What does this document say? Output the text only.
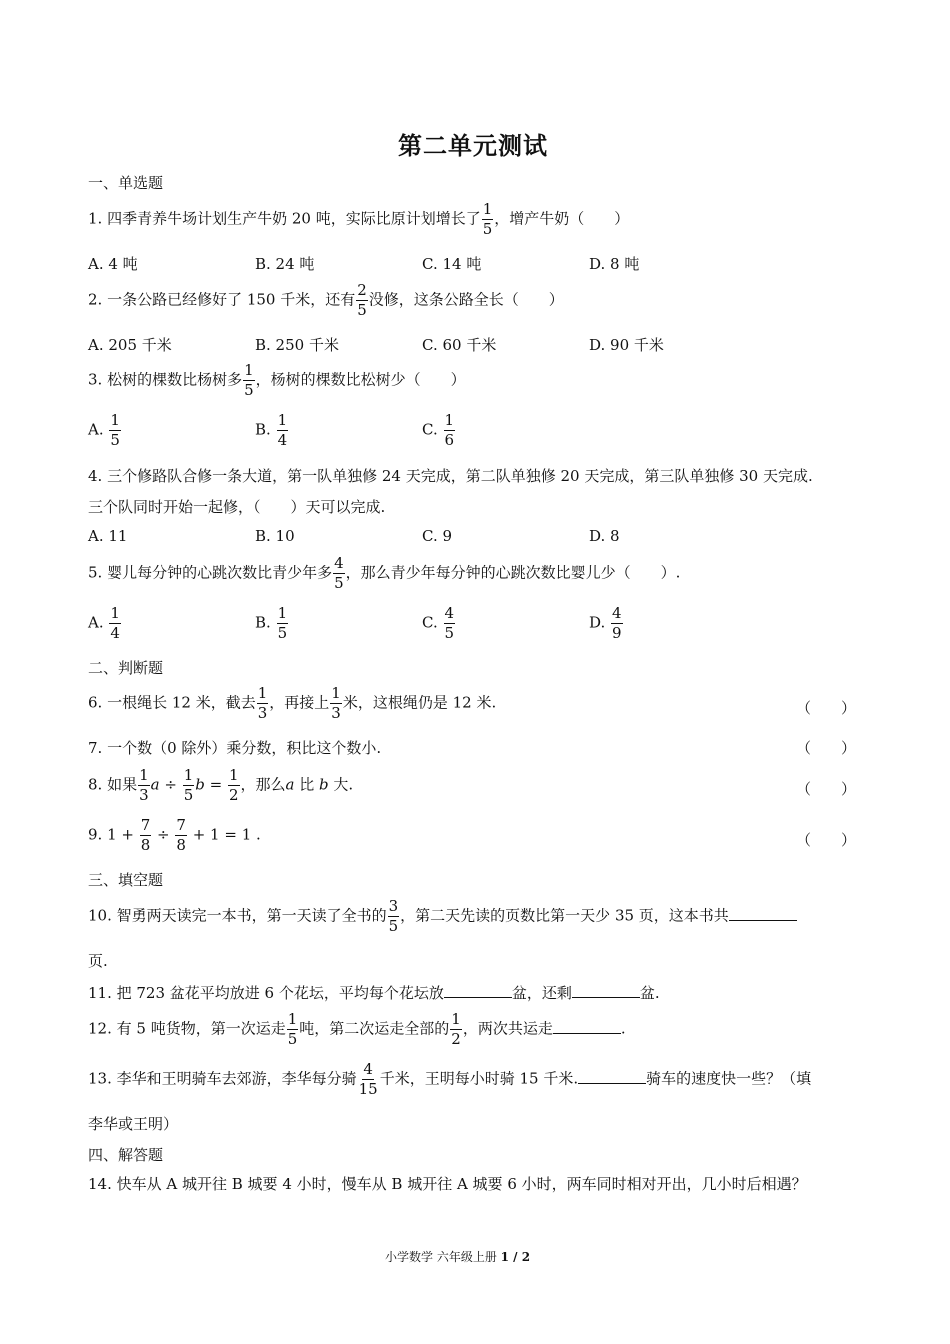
第二单元测试
一、单选题
1. 四季青养牛场计划生产牛奶 20 吨，实际比原计划增长了 $\frac{1}{5}$ ，增产牛奶（　　）
A. 4 吨	B. 24 吨	C. 14 吨	D. 8 吨
2. 一条公路已经修好了 150 千米，还有 $\frac{2}{5}$ 没修，这条公路全长（　　）
A. 205 千米	B. 250 千米	C. 60 千米	D. 90 千米
3. 松树的棵数比杨树多 $\frac{1}{5}$ ，杨树的棵数比松树少（　　）
A. $\frac{1}{5}$	B. $\frac{1}{4}$	C. $\frac{1}{6}$
4. 三个修路队合修一条大道，第一队单独修 24 天完成，第二队单独修 20 天完成，第三队单独修 30 天完成.
三个队同时开始一起修，（　　）天可以完成.
A. 11	B. 10	C. 9	D. 8
5. 婴儿每分钟的心跳次数比青少年多 $\frac{4}{5}$ ，那么青少年每分钟的心跳次数比婴儿少（　　）.
A. $\frac{1}{4}$	B. $\frac{1}{5}$	C. $\frac{4}{5}$	D. $\frac{4}{9}$
二、判断题
6. 一根绳长 12 米，截去 $\frac{1}{3}$ ，再接上 $\frac{1}{3}$ 米，这根绳仍是 12 米.	（　　）
7. 一个数（0 除外）乘分数，积比这个数小.	（　　）
8. 如果 $\frac{1}{3}$ $a \div \frac{1}{5}$ $b = \frac{1}{2}$ ，那么a 比 b 大.	（　　）
9. $1 + \frac{7}{8} \div \frac{7}{8} + 1 = 1$ .	（　　）
三、填空题
10. 智勇两天读完一本书，第一天读了全书的 $\frac{3}{5}$ ，第二天先读的页数比第一天少 35 页，这本书共
页.
11. 把 723 盆花平均放进 6 个花坛，平均每个花坛放	盆，还剩	盆.
12. 有 5 吨货物，第一次运走 $\frac{1}{5}$ 吨，第二次运走全部的 $\frac{1}{2}$ ，两次共运走	.
13. 李华和王明骑车去郊游，李华每分骑 $\frac{4}{15}$ 千米，王明每小时骑 15 千米.	骑车的速度快一些？（填
李华或王明）
四、解答题
14. 快车从 A 城开往 B 城要 4 小时，慢车从 B 城开往 A 城要 6 小时，两车同时相对开出，几小时后相遇？
小学数学 六年级上册 1 / 2
